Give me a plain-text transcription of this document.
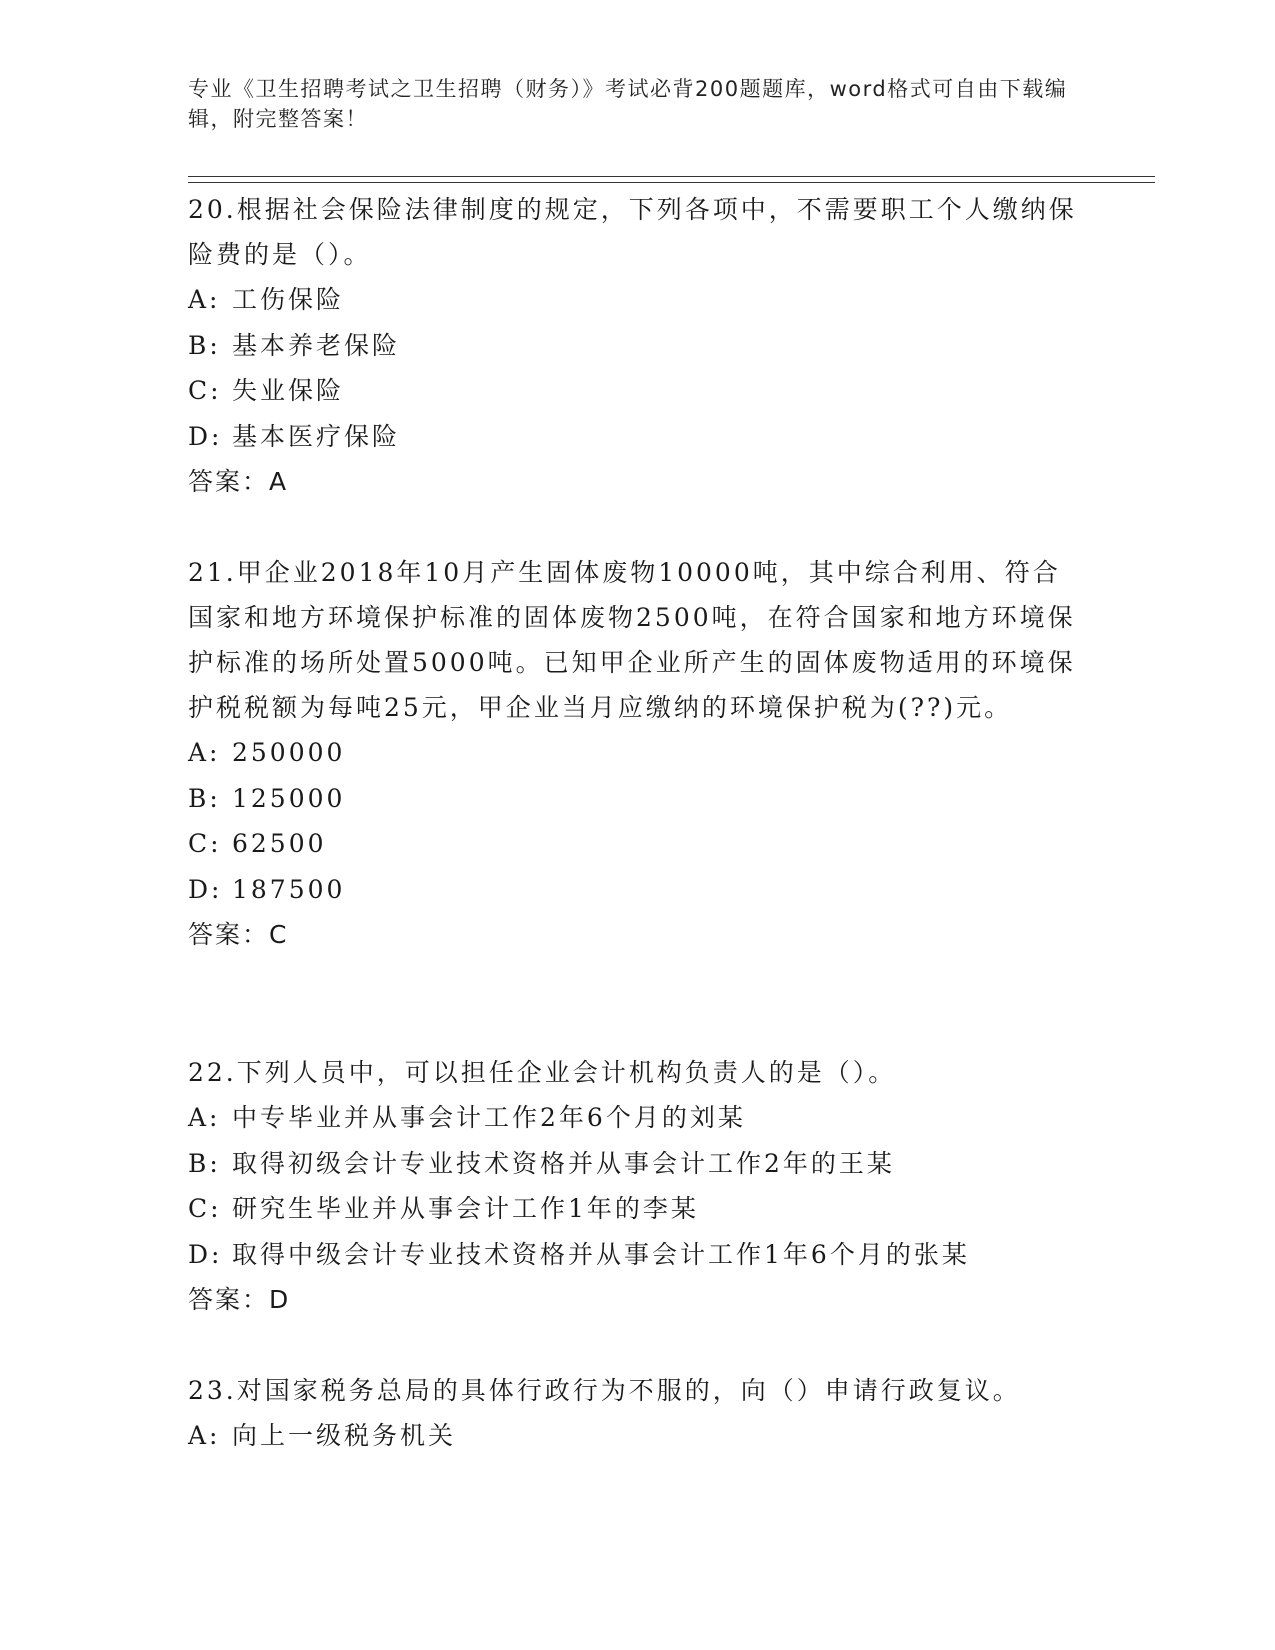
专业《卫生招聘考试之卫生招聘（财务）》考试必背200题题库，word格式可自由下载编辑，附完整答案！

20.根据社会保险法律制度的规定，下列各项中，不需要职工个人缴纳保险费的是（）。

A: 工伤保险

B: 基本养老保险

C: 失业保险

D: 基本医疗保险

答案：A

21.甲企业2018年10月产生固体废物10000吨，其中综合利用、符合国家和地方环境保护标准的固体废物2500吨，在符合国家和地方环境保护标准的场所处置5000吨。已知甲企业所产生的固体废物适用的环境保护税税额为每吨25元，甲企业当月应缴纳的环境保护税为(??)元。

A: 250000

B: 125000

C: 62500

D: 187500

答案：C

22.下列人员中，可以担任企业会计机构负责人的是（）。

A: 中专毕业并从事会计工作2年6个月的刘某

B: 取得初级会计专业技术资格并从事会计工作2年的王某

C: 研究生毕业并从事会计工作1年的李某

D: 取得中级会计专业技术资格并从事会计工作1年6个月的张某

答案：D

23.对国家税务总局的具体行政行为不服的，向（）申请行政复议。

A: 向上一级税务机关
